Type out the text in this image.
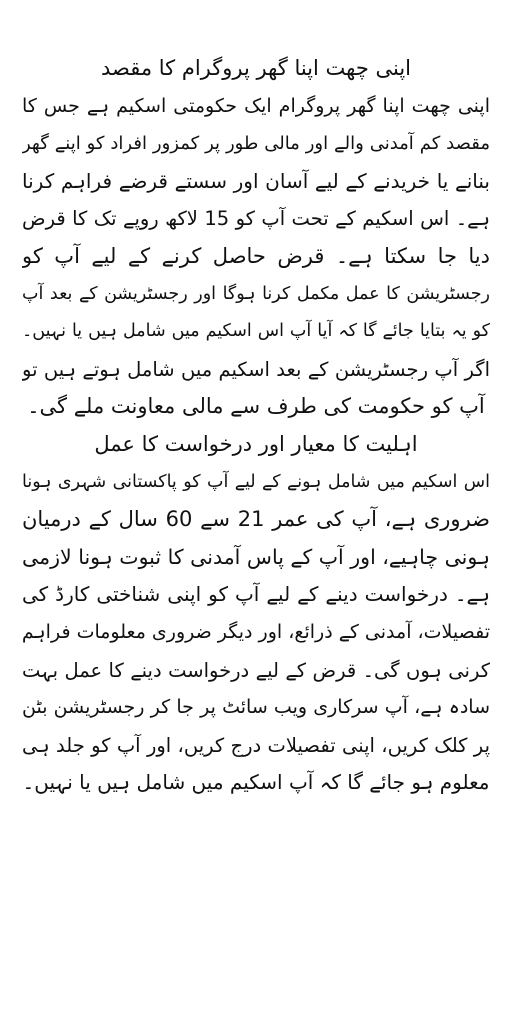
اپنی چھت اپنا گھر پروگرام کا مقصد
اپنی چھت اپنا گھر پروگرام ایک حکومتی اسکیم ہے جس کا
مقصد کم آمدنی والے اور مالی طور پر کمزور افراد کو اپنے گھر
بنانے یا خریدنے کے لیے آسان اور سستے قرضے فراہم کرنا
ہے۔ اس اسکیم کے تحت آپ کو 15 لاکھ روپے تک کا قرض
دیا جا سکتا ہے۔ قرض حاصل کرنے کے لیے آپ کو
رجسٹریشن کا عمل مکمل کرنا ہوگا اور رجسٹریشن کے بعد آپ
کو یہ بتایا جائے گا کہ آیا آپ اس اسکیم میں شامل ہیں یا نہیں۔
اگر آپ رجسٹریشن کے بعد اسکیم میں شامل ہوتے ہیں تو
آپ کو حکومت کی طرف سے مالی معاونت ملے گی۔
اہلیت کا معیار اور درخواست کا عمل
اس اسکیم میں شامل ہونے کے لیے آپ کو پاکستانی شہری ہونا
ضروری ہے، آپ کی عمر 21 سے 60 سال کے درمیان
ہونی چاہیے، اور آپ کے پاس آمدنی کا ثبوت ہونا لازمی
ہے۔ درخواست دینے کے لیے آپ کو اپنی شناختی کارڈ کی
تفصیلات، آمدنی کے ذرائع، اور دیگر ضروری معلومات فراہم
کرنی ہوں گی۔ قرض کے لیے درخواست دینے کا عمل بہت
سادہ ہے، آپ سرکاری ویب سائٹ پر جا کر رجسٹریشن بٹن
پر کلک کریں، اپنی تفصیلات درج کریں، اور آپ کو جلد ہی
معلوم ہو جائے گا کہ آپ اسکیم میں شامل ہیں یا نہیں۔
